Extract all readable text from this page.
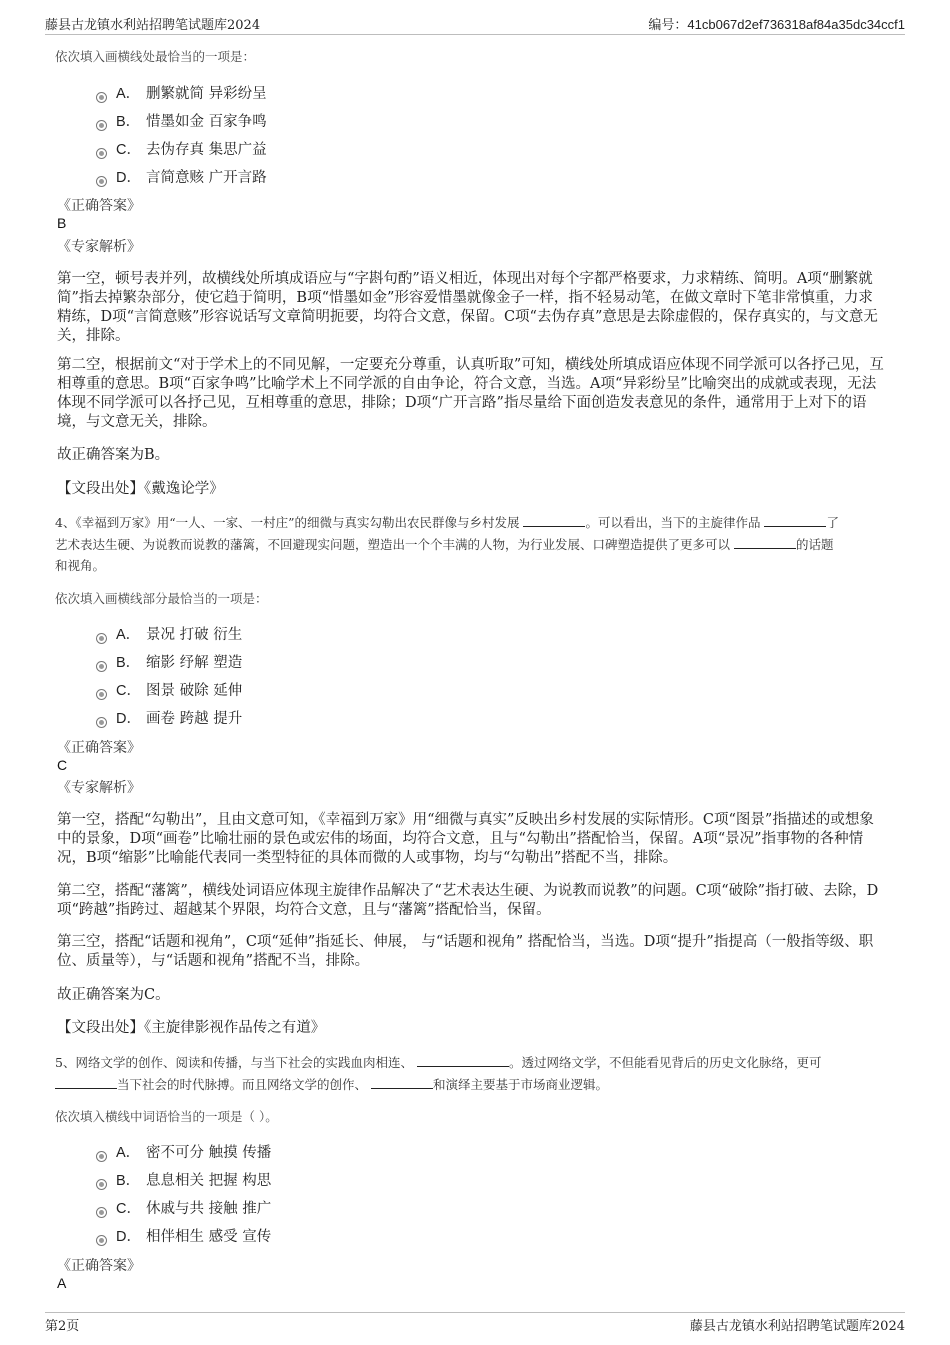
藤县古龙镇水利站招聘笔试题库2024	编号：41cb067d2ef736318af84a35dc34ccf1
依次填入画横线处最恰当的一项是：
A． 删繁就简 异彩纷呈
B． 惜墨如金 百家争鸣
C． 去伪存真 集思广益
D． 言简意赅 广开言路
《正确答案》
B
《专家解析》
第一空，顿号表并列，故横线处所填成语应与“字斟句酌”语义相近，体现出对每个字都严格要求，力求精练、简明。A项“删繁就简”指去掉繁杂部分，使它趋于简明，B项“惜墨如金”形容爱惜墨就像金子一样，指不轻易动笔，在做文章时下笔非常慎重，力求精练，D项“言简意赅”形容说话写文章简明扼要，均符合文意，保留。C项“去伪存真”意思是去除虚假的，保存真实的，与文意无关，排除。
第二空，根据前文“对于学术上的不同见解，一定要充分尊重，认真听取”可知，横线处所填成语应体现不同学派可以各抒己见，互相尊重的意思。B项“百家争鸣”比喻学术上不同学派的自由争论，符合文意，当选。A项“异彩纷呈”比喻突出的成就或表现，无法体现不同学派可以各抒己见，互相尊重的意思，排除；D项“广开言路”指尽量给下面创造发表意见的条件，通常用于上对下的语境，与文意无关，排除。
故正确答案为B。
【文段出处】《戴逸论学》
4、《幸福到万家》用“一人、一家、一村庄”的细微与真实勾勒出农民群像与乡村发展	。可以看出，当下的主旋律作品	了
艺术表达生硬、为说教而说教的藩篱，不回避现实问题，塑造出一个个丰满的人物，为行业发展、口碑塑造提供了更多可以	的话题
和视角。
依次填入画横线部分最恰当的一项是：
A． 景况 打破 衍生
B． 缩影 纾解 塑造
C． 图景 破除 延伸
D． 画卷 跨越 提升
《正确答案》
C
《专家解析》
第一空，搭配“勾勒出”，且由文意可知，《幸福到万家》用“细微与真实”反映出乡村发展的实际情形。C项“图景”指描述的或想象中的景象，D项“画卷”比喻壮丽的景色或宏伟的场面，均符合文意，且与“勾勒出”搭配恰当，保留。A项“景况”指事物的各种情况，B项“缩影”比喻能代表同一类型特征的具体而微的人或事物，均与“勾勒出”搭配不当，排除。
第二空，搭配“藩篱”，横线处词语应体现主旋律作品解决了“艺术表达生硬、为说教而说教”的问题。C项“破除”指打破、去除，D项“跨越”指跨过、超越某个界限，均符合文意，且与“藩篱”搭配恰当，保留。
第三空，搭配“话题和视角”，C项“延伸”指延长、伸展， 与“话题和视角” 搭配恰当，当选。D项“提升”指提高（一般指等级、职位、质量等），与“话题和视角”搭配不当，排除。
故正确答案为C。
【文段出处】《主旋律影视作品传之有道》
5、网络文学的创作、阅读和传播，与当下社会的实践血肉相连、	。透过网络文学，不但能看见背后的历史文化脉络，更可
当下社会的时代脉搏。而且网络文学的创作、	和演绎主要基于市场商业逻辑。
依次填入横线中词语恰当的一项是（ ）。
A． 密不可分 触摸 传播
B． 息息相关 把握 构思
C． 休戚与共 接触 推广
D． 相伴相生 感受 宣传
《正确答案》
A
第2页	藤县古龙镇水利站招聘笔试题库2024
